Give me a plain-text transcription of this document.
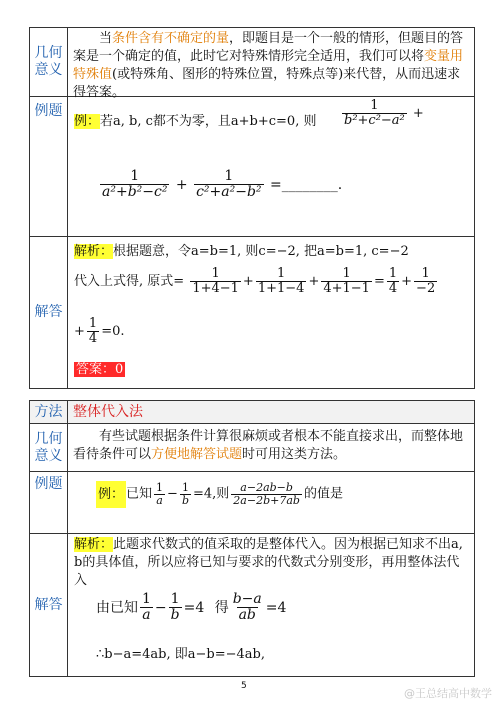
几何
意义
当条件含有不确定的量，即题目是一个一般的情形，但题目的答案是一个确定的值，此时它对特殊情形完全适用，我们可以将变量用特殊值(或特殊角、图形的特殊位置，特殊点等)来代替，从而迅速求得答案。
例题
例：若a, b, c都不为零，且a+b+c=0, 则 $\frac{1}{\text{b²+c²−a²}}$ +
$\frac{1}{\text{a²+b²−c²}} + \frac{1}{\text{c²+a²−b²}}$ =________.
解答
解析：根据题意，令a=b=1, 则c=−2, 把a=b=1, c=−2
代入上式得, 原式= $\frac{1}{1+4-1} + \frac{1}{1+1-4} + \frac{1}{4+1-1} = \frac{1}{4} + \frac{1}{-2}$
+ $\frac{1}{4} =0$.
答案：0
方法 整体代入法
几何
意义
有些试题根据条件计算很麻烦或者根本不能直接求出，而整体地看待条件可以方便地解答试题时可用这类方法。
例题
例： 已知 $\frac{1}{a} - \frac{1}{b} =4$,则 $\frac{a-2ab-b}{2a-2b+7ab}$ 的值是
解答
解析：此题求代数式的值采取的是整体代入。因为根据已知求不出a, b的具体值，所以应将已知与要求的代数式分别变形，再用整体法代入
由已知 $\frac{1}{a} - \frac{1}{b} =4$ 得 $\frac{b-a}{ab} =4$
∴b−a=4ab, 即a−b=−4ab,
5
@王总结高中数学
